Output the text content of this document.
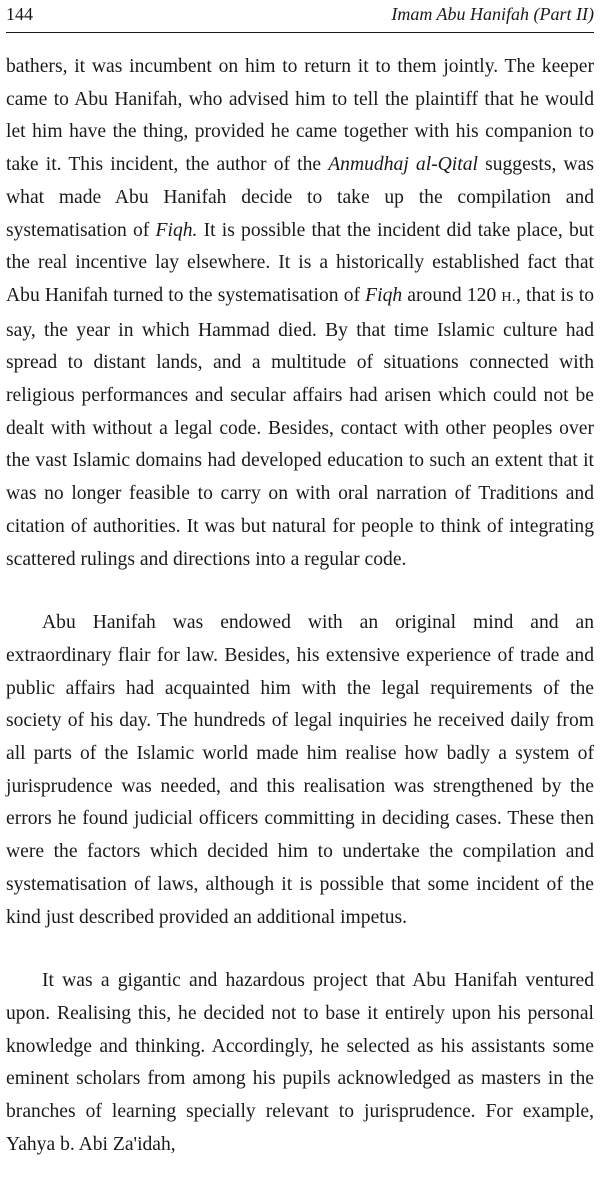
144	Imam Abu Hanifah (Part II)

bathers, it was incumbent on him to return it to them jointly. The keeper came to Abu Hanifah, who advised him to tell the plaintiff that he would let him have the thing, provided he came together with his companion to take it. This incident, the author of the Anmudhaj al-Qital suggests, was what made Abu Hanifah decide to take up the compilation and systematisation of Fiqh. It is possible that the incident did take place, but the real incentive lay elsewhere. It is a historically established fact that Abu Hanifah turned to the systematisation of Fiqh around 120 H., that is to say, the year in which Hammad died. By that time Islamic culture had spread to distant lands, and a multitude of situations connected with religious performances and secular affairs had arisen which could not be dealt with without a legal code. Besides, contact with other peoples over the vast Islamic domains had developed education to such an extent that it was no longer feasible to carry on with oral narration of Traditions and citation of authorities. It was but natural for people to think of integrating scattered rulings and directions into a regular code.

Abu Hanifah was endowed with an original mind and an extraordinary flair for law. Besides, his extensive experience of trade and public affairs had acquainted him with the legal requirements of the society of his day. The hundreds of legal inquiries he received daily from all parts of the Islamic world made him realise how badly a system of jurisprudence was needed, and this realisation was strengthened by the errors he found judicial officers committing in deciding cases. These then were the factors which decided him to undertake the compilation and systematisation of laws, although it is possible that some incident of the kind just described provided an additional impetus.

It was a gigantic and hazardous project that Abu Hanifah ventured upon. Realising this, he decided not to base it entirely upon his personal knowledge and thinking. Accordingly, he selected as his assistants some eminent scholars from among his pupils acknowledged as masters in the branches of learning specially relevant to jurisprudence. For example, Yahya b. Abi Za'idah,
